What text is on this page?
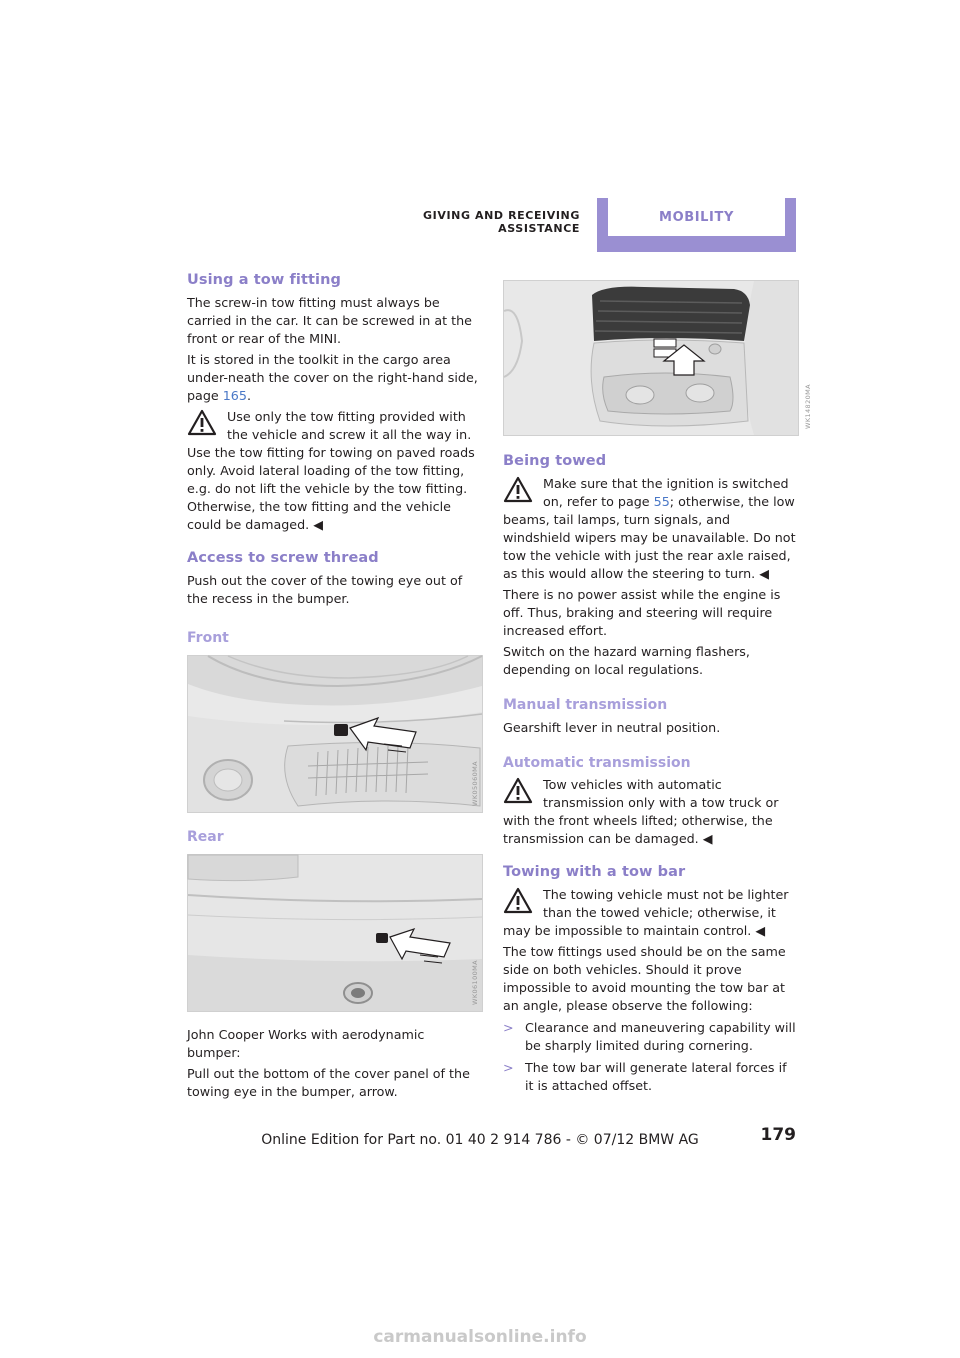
GIVING AND RECEIVING ASSISTANCE
MOBILITY
Using a tow fitting

The screw-in tow fitting must always be carried in the car. It can be screwed in at the front or rear of the MINI.

It is stored in the toolkit in the cargo area under-neath the cover on the right-hand side, page 165.

Use only the tow fitting provided with the vehicle and screw it all the way in. Use the tow fitting for towing on paved roads only. Avoid lateral loading of the tow fitting, e.g. do not lift the vehicle by the tow fitting. Otherwise, the tow fitting and the vehicle could be damaged. ◀

Access to screw thread

Push out the cover of the towing eye out of the recess in the bumper.

Front
WK05060MA
Rear
WK06100MA

John Cooper Works with aerodynamic bumper:

Pull out the bottom of the cover panel of the towing eye in the bumper, arrow.

WK14820MA
Being towed

Make sure that the ignition is switched on, refer to page 55; otherwise, the low beams, tail lamps, turn signals, and windshield wipers may be unavailable. Do not tow the vehicle with just the rear axle raised, as this would allow the steering to turn. ◀

There is no power assist while the engine is off. Thus, braking and steering will require increased effort.

Switch on the hazard warning flashers, depending on local regulations.

Manual transmission

Gearshift lever in neutral position.

Automatic transmission

Tow vehicles with automatic transmission only with a tow truck or with the front wheels lifted; otherwise, the transmission can be damaged. ◀

Towing with a tow bar

The towing vehicle must not be lighter than the towed vehicle; otherwise, it may be impossible to maintain control. ◀

The tow fittings used should be on the same side on both vehicles. Should it prove impossible to avoid mounting the tow bar at an angle, please observe the following:

> Clearance and maneuvering capability will be sharply limited during cornering.

> The tow bar will generate lateral forces if it is attached offset.

179
Online Edition for Part no. 01 40 2 914 786 - © 07/12 BMW AG
carmanualsonline.info
